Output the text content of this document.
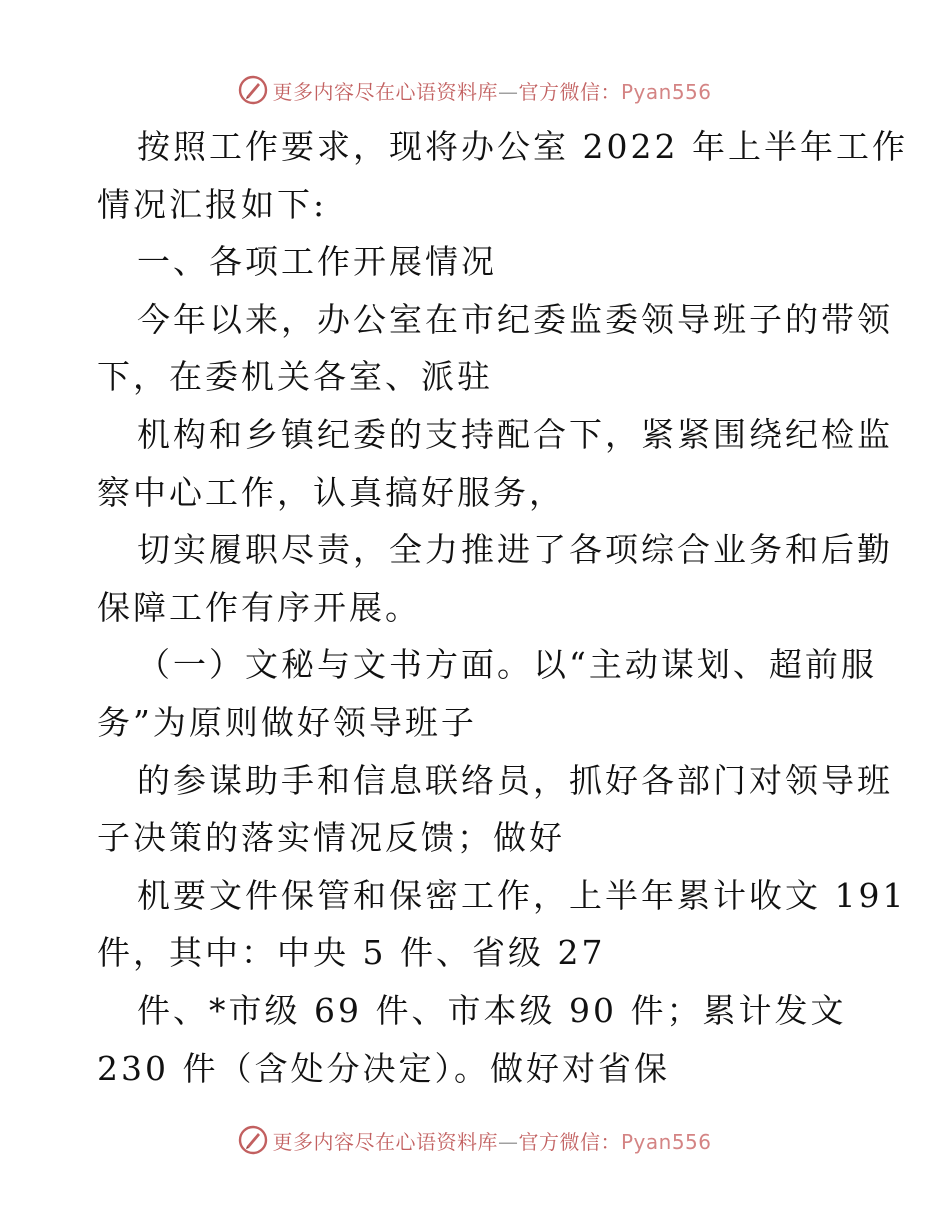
更多内容尽在心语资料库—官方微信：Pyan556
按照工作要求，现将办公室 2022 年上半年工作
情况汇报如下:
一、各项工作开展情况
今年以来，办公室在市纪委监委领导班子的带领
下，在委机关各室、派驻
机构和乡镇纪委的支持配合下，紧紧围绕纪检监
察中心工作，认真搞好服务，
切实履职尽责，全力推进了各项综合业务和后勤
保障工作有序开展。
（一）文秘与文书方面。以“主动谋划、超前服
务”为原则做好领导班子
的参谋助手和信息联络员，抓好各部门对领导班
子决策的落实情况反馈；做好
机要文件保管和保密工作，上半年累计收文 191
件，其中：中央 5 件、省级 27
件、*市级 69 件、市本级 90 件；累计发文
230 件（含处分决定）。做好对省保
更多内容尽在心语资料库—官方微信：Pyan556
